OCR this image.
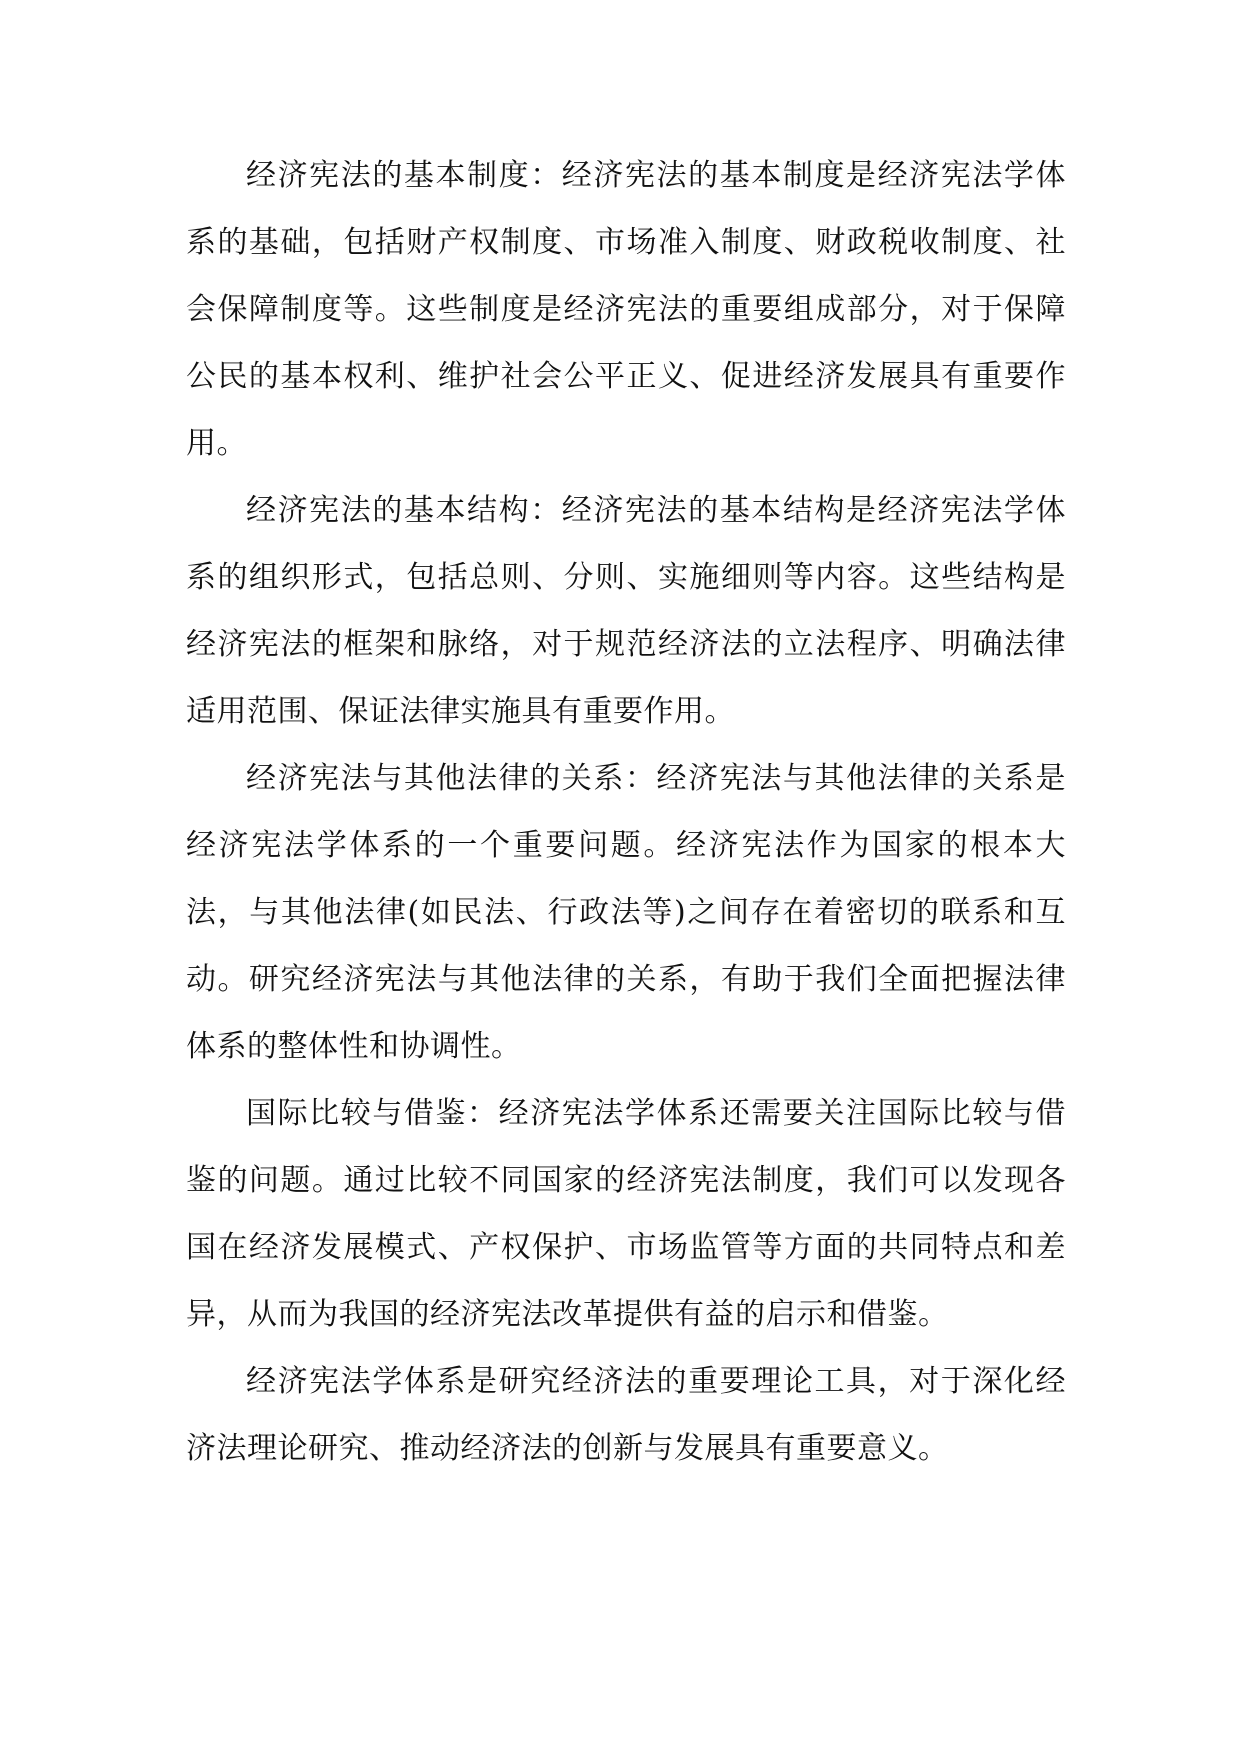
经济宪法的基本制度：经济宪法的基本制度是经济宪法学体系的基础，包括财产权制度、市场准入制度、财政税收制度、社会保障制度等。这些制度是经济宪法的重要组成部分，对于保障公民的基本权利、维护社会公平正义、促进经济发展具有重要作用。

经济宪法的基本结构：经济宪法的基本结构是经济宪法学体系的组织形式，包括总则、分则、实施细则等内容。这些结构是经济宪法的框架和脉络，对于规范经济法的立法程序、明确法律适用范围、保证法律实施具有重要作用。

经济宪法与其他法律的关系：经济宪法与其他法律的关系是经济宪法学体系的一个重要问题。经济宪法作为国家的根本大法，与其他法律(如民法、行政法等)之间存在着密切的联系和互动。研究经济宪法与其他法律的关系，有助于我们全面把握法律体系的整体性和协调性。

国际比较与借鉴：经济宪法学体系还需要关注国际比较与借鉴的问题。通过比较不同国家的经济宪法制度，我们可以发现各国在经济发展模式、产权保护、市场监管等方面的共同特点和差异，从而为我国的经济宪法改革提供有益的启示和借鉴。

经济宪法学体系是研究经济法的重要理论工具，对于深化经济法理论研究、推动经济法的创新与发展具有重要意义。
